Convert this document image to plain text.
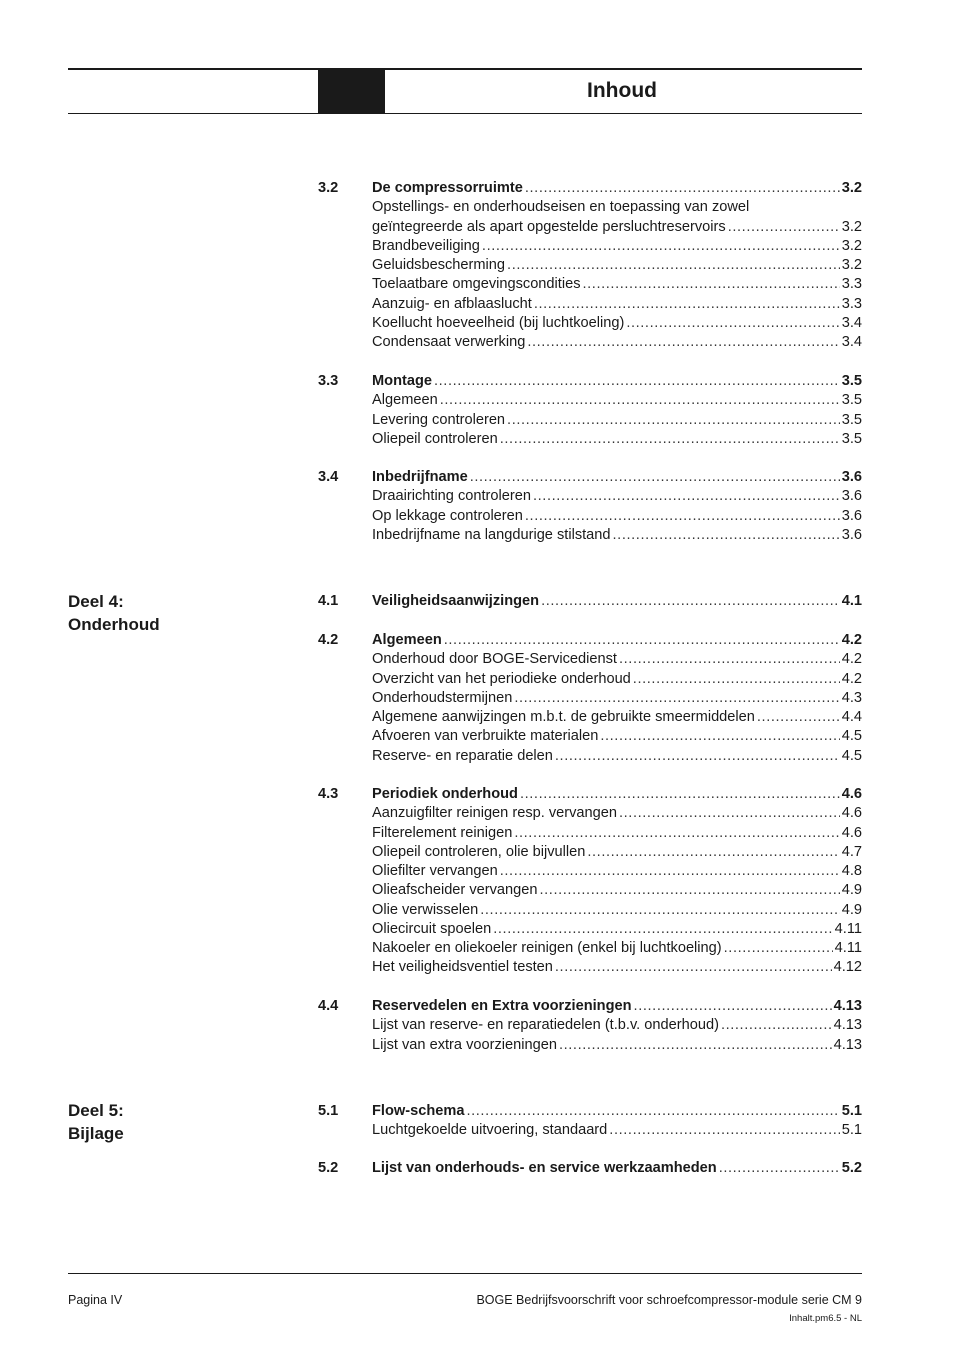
Inhoud
Deel 4:
Onderhoud
Deel 5:
Bijlage
3.2 De compressorruimte .....	3.2
Opstellings- en onderhoudseisen en toepassing van zowel
geïntegreerde als apart opgestelde persluchtreservoirs .....	3.2
Brandbeveiliging .....	3.2
Geluidsbescherming .....	3.2
Toelaatbare omgevingscondities .....	3.3
Aanzuig- en afblaaslucht .....	3.3
Koellucht hoeveelheid (bij luchtkoeling) .....	3.4
Condensaat verwerking .....	3.4
3.3 Montage .....	3.5
Algemeen .....	3.5
Levering controleren .....	3.5
Oliepeil controleren .....	3.5
3.4 Inbedrijfname .....	3.6
Draairichting controleren .....	3.6
Op lekkage controleren .....	3.6
Inbedrijfname na langdurige stilstand .....	3.6
4.1 Veiligheidsaanwijzingen .....	4.1
4.2 Algemeen .....	4.2
Onderhoud door BOGE-Servicedienst .....	4.2
Overzicht van het periodieke onderhoud .....	4.2
Onderhoudstermijnen .....	4.3
Algemene aanwijzingen m.b.t. de gebruikte smeermiddelen .....	4.4
Afvoeren van verbruikte materialen .....	4.5
Reserve- en reparatie delen .....	4.5
4.3 Periodiek onderhoud .....	4.6
Aanzuigfilter reinigen resp. vervangen .....	4.6
Filterelement reinigen .....	4.6
Oliepeil controleren, olie bijvullen .....	4.7
Oliefilter vervangen .....	4.8
Olieafscheider vervangen .....	4.9
Olie verwisselen .....	4.9
Oliecircuit spoelen .....	4.11
Nakoeler en oliekoeler reinigen (enkel bij luchtkoeling) .....	4.11
Het veiligheidsventiel testen .....	4.12
4.4 Reservedelen en Extra voorzieningen .....	4.13
Lijst van reserve- en reparatiedelen (t.b.v. onderhoud) .....	4.13
Lijst van extra voorzieningen .....	4.13
5.1 Flow-schema .....	5.1
Luchtgekoelde uitvoering, standaard .....	5.1
5.2 Lijst van onderhouds- en service werkzaamheden .....	5.2
Pagina IV	BOGE Bedrijfsvoorschrift voor schroefcompressor-module serie CM 9
Inhalt.pm6.5 - NL
